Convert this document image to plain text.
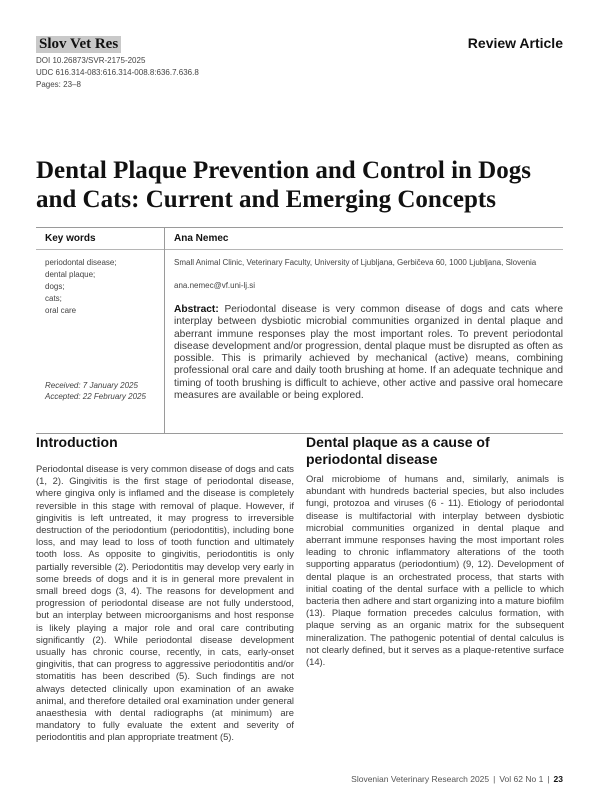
Slov Vet Res
DOI 10.26873/SVR-2175-2025
UDC 616.314-083:616.314-008.8:636.7.636.8
Pages: 23–8
Review Article
Dental Plaque Prevention and Control in Dogs and Cats: Current and Emerging Concepts
Key words	Ana Nemec
periodontal disease;
dental plaque;
dogs;
cats;
oral care
Small Animal Clinic, Veterinary Faculty, University of Ljubljana, Gerbičeva 60, 1000 Ljubljana, Slovenia
ana.nemec@vf.uni-lj.si

Abstract: Periodontal disease is very common disease of dogs and cats where interplay between dysbiotic microbial communities organized in dental plaque and aberrant immune responses play the most important roles. To prevent periodontal disease development and/or progression, dental plaque must be disrupted as often as possible. This is primarily achieved by mechanical (active) means, combining professional oral care and daily tooth brushing at home. If an adequate technique and timing of tooth brushing is difficult to achieve, other active and passive oral homecare measures are available or being explored.

Received: 7 January 2025
Accepted: 22 February 2025
Introduction

Periodontal disease is very common disease of dogs and cats (1, 2). Gingivitis is the first stage of periodontal disease, where gingiva only is inflamed and the disease is completely reversible in this stage with removal of plaque. However, if gingivitis is left untreated, it may progress to irreversible destruction of the periodontium (periodontitis), including bone loss, and may lead to loss of tooth function and ultimately tooth loss. As opposite to gingivitis, periodontitis is only partially reversible (2). Periodontitis may develop very early in some breeds of dogs and it is in general more prevalent in small breed dogs (3, 4). The reasons for development and progression of periodontal disease are not fully understood, but an interplay between microorganisms and host response is likely playing a major role and oral care contributing significantly (2). While periodontal disease development usually has chronic course, recently, in cats, early-onset gingivitis, that can progress to aggressive periodontitis and/or stomatitis has been described (5). Such findings are not always detected clinically upon examination of an awake animal, and therefore detailed oral examination under general anaesthesia with dental radiographs (at minimum) are mandatory to fully evaluate the extent and severity of periodontitis and plan appropriate treatment (5).

Dental plaque as a cause of periodontal disease

Oral microbiome of humans and, similarly, animals is abundant with hundreds bacterial species, but also includes fungi, protozoa and viruses (6 - 11). Etiology of periodontal disease is multifactorial with interplay between dysbiotic microbial communities organized in dental plaque and aberrant immune responses having the most important roles leading to chronic inflammatory alterations of the tooth supporting apparatus (periodontium) (9, 12). Development of dental plaque is an orchestrated process, that starts with initial coating of the dental surface with a pellicle to which bacteria then adhere and start organizing into a mature biofilm (13). Plaque formation precedes calculus formation, with plaque serving as an organic matrix for the subsequent mineralization. The pathogenic potential of dental calculus is not clearly defined, but it serves as a plaque-retentive surface (14).

Slovenian Veterinary Research 2025 | Vol 62 No 1 | 23
